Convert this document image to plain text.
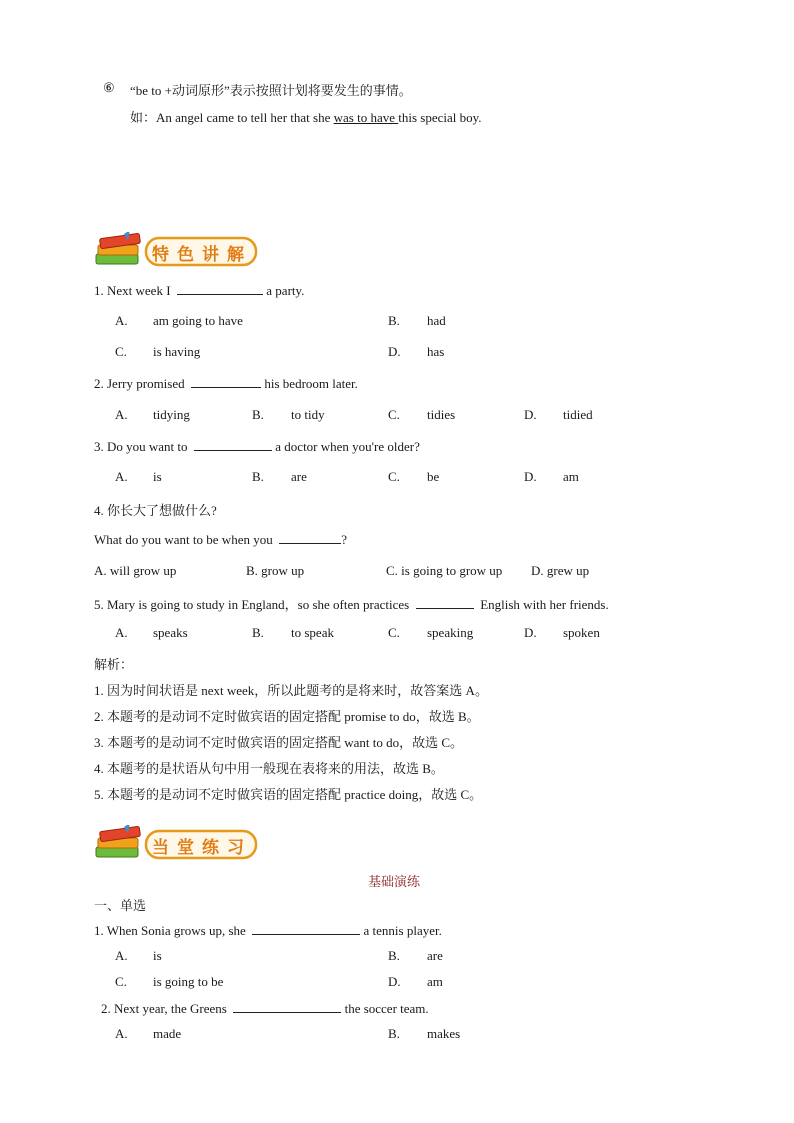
⑥ “be to +动词原形”表示按照计划将要发生的事情。
如：An angel came to tell her that she was to have this special boy.
特 色 讲 解
1. Next week I	a party.
A. am going to have	B. had
C. is having	D. has
2. Jerry promised	his bedroom later.
A. tidying	B. to tidy	C. tidies	D. tidied
3. Do you want to	a doctor when you're older?
A. is	B. are	C. be	D. am
4. 你长大了想做什么?
What do you want to be when you	?
A. will grow up	B. grow up	C. is going to grow up D. grew up
5. Mary is going to study in England，so she often practices	English with her friends.
A. speaks	B. to speak	C. speaking	D. spoken
解析：
1. 因为时间状语是 next week，所以此题考的是将来时，故答案选 A。
2. 本题考的是动词不定时做宾语的固定搭配 promise to do，故选 B。
3. 本题考的是动词不定时做宾语的固定搭配 want to do，故选 C。
4. 本题考的是状语从句中用一般现在表将来的用法，故选 B。
5. 本题考的是动词不定时做宾语的固定搭配 practice doing，故选 C。
当 堂 练 习
基础演练
一、单选
1. When Sonia grows up, she	a tennis player.
A. is	B. are
C. is going to be	D. am
2. Next year, the Greens	the soccer team.
A. made	B. makes
